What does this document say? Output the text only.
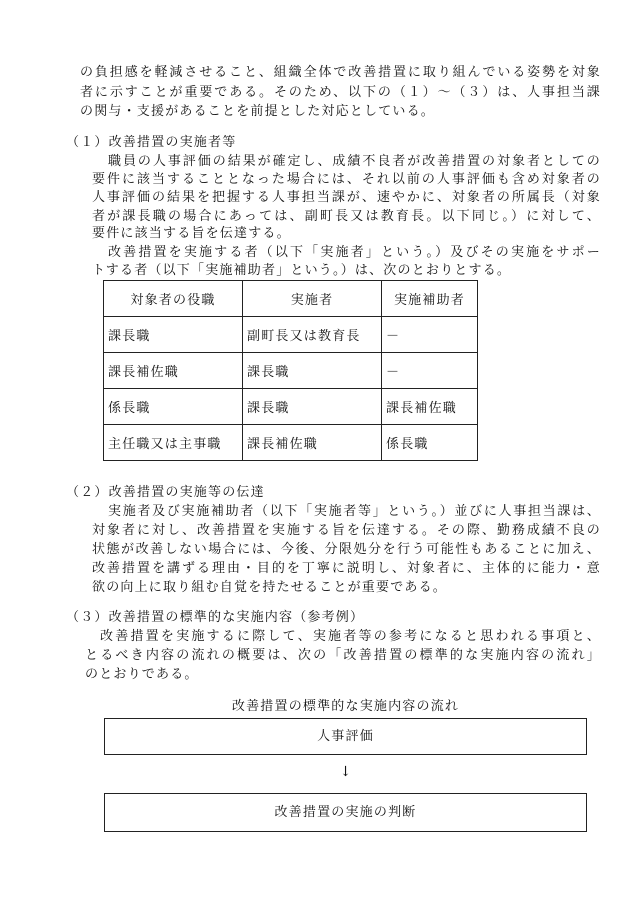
の負担感を軽減させること、組織全体で改善措置に取り組んでいる姿勢を対象
者に示すことが重要である。そのため、以下の（１）～（３）は、人事担当課
の関与・支援があることを前提とした対応としている。
（１）改善措置の実施者等
職員の人事評価の結果が確定し、成績不良者が改善措置の対象者としての
要件に該当することとなった場合には、それ以前の人事評価も含め対象者の
人事評価の結果を把握する人事担当課が、速やかに、対象者の所属長（対象
者が課長職の場合にあっては、副町長又は教育長。以下同じ。）に対して、
要件に該当する旨を伝達する。
改善措置を実施する者（以下「実施者」という。）及びその実施をサポー
トする者（以下「実施補助者」という。）は、次のとおりとする。
対象者の役職	実施者	実施補助者
課長職	副町長又は教育長	－
課長補佐職	課長職	－
係長職	課長職	課長補佐職
主任職又は主事職	課長補佐職	係長職
（２）改善措置の実施等の伝達
実施者及び実施補助者（以下「実施者等」という。）並びに人事担当課は、
対象者に対し、改善措置を実施する旨を伝達する。その際、勤務成績不良の
状態が改善しない場合には、今後、分限処分を行う可能性もあることに加え、
改善措置を講ずる理由・目的を丁寧に説明し、対象者に、主体的に能力・意
欲の向上に取り組む自覚を持たせることが重要である。
（３）改善措置の標準的な実施内容（参考例）
改善措置を実施するに際して、実施者等の参考になると思われる事項と、
とるべき内容の流れの概要は、次の「改善措置の標準的な実施内容の流れ」
のとおりである。
改善措置の標準的な実施内容の流れ
人事評価
↓
改善措置の実施の判断
